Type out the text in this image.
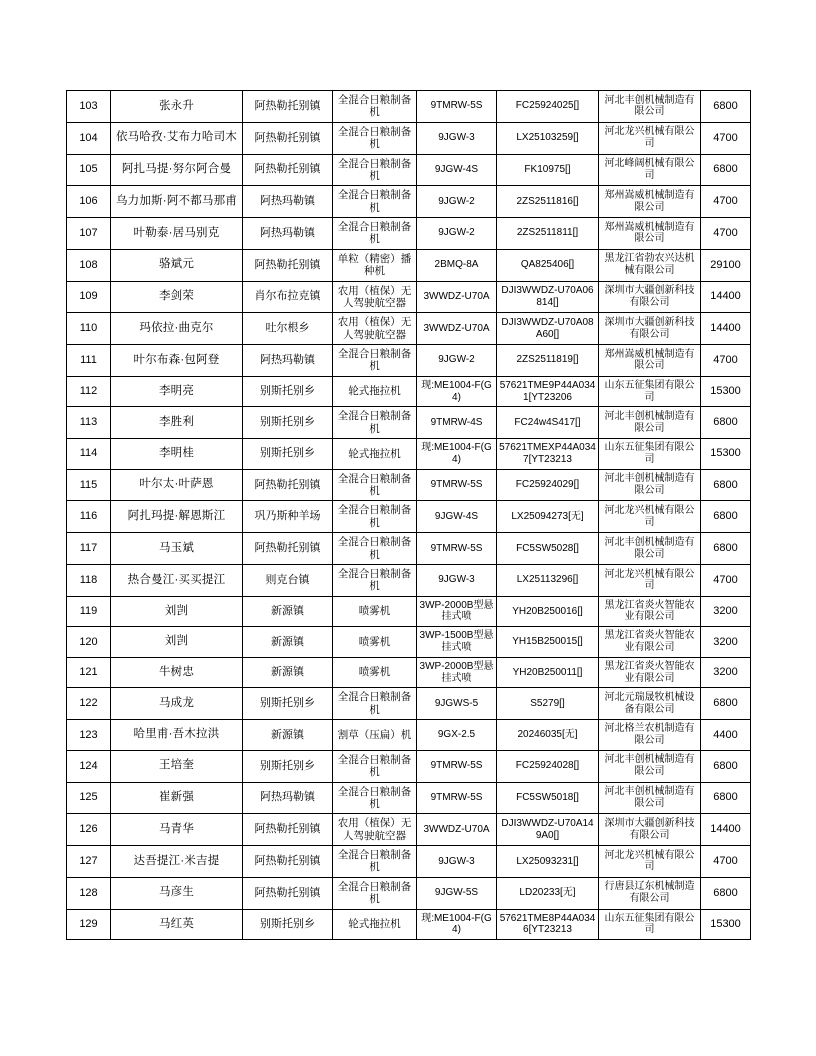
103	张永升	阿热勒托别镇	全混合日粮制备机	9TMRW-5S	FC25924025[]	河北丰创机械制造有限公司	6800
104	依马哈孜·艾布力哈司木	阿热勒托别镇	全混合日粮制备机	9JGW-3	LX25103259[]	河北龙兴机械有限公司	4700
105	阿扎马提·努尔阿合曼	阿热勒托别镇	全混合日粮制备机	9JGW-4S	FK10975[]	河北峰阔机械有限公司	6800
106	乌力加斯·阿不都马那甫	阿热玛勒镇	全混合日粮制备机	9JGW-2	2ZS2511816[]	郑州嵩威机械制造有限公司	4700
107	叶勒泰·居马别克	阿热玛勒镇	全混合日粮制备机	9JGW-2	2ZS2511811[]	郑州嵩威机械制造有限公司	4700
108	骆斌元	阿热勒托别镇	单粒（精密）播种机	2BMQ-8A	QA825406[]	黑龙江省勃农兴达机械有限公司	29100
109	李剑荣	肖尔布拉克镇	农用（植保）无人驾驶航空器	3WWDZ-U70A	DJI3WWDZ-U70A06814[]	深圳市大疆创新科技有限公司	14400
110	玛依拉·曲克尔	吐尔根乡	农用（植保）无人驾驶航空器	3WWDZ-U70A	DJI3WWDZ-U70A08A60[]	深圳市大疆创新科技有限公司	14400
111	叶尔布森·包阿登	阿热玛勒镇	全混合日粮制备机	9JGW-2	2ZS2511819[]	郑州嵩威机械制造有限公司	4700
112	李明亮	别斯托别乡	轮式拖拉机	现:ME1004-F(G4)	57621TME9P44A0341[YT23206	山东五征集团有限公司	15300
113	李胜利	别斯托别乡	全混合日粮制备机	9TMRW-4S	FC24w4S417[]	河北丰创机械制造有限公司	6800
114	李明桂	别斯托别乡	轮式拖拉机	现:ME1004-F(G4)	57621TMEXP44A0347[YT23213	山东五征集团有限公司	15300
115	叶尔太·叶萨恩	阿热勒托别镇	全混合日粮制备机	9TMRW-5S	FC25924029[]	河北丰创机械制造有限公司	6800
116	阿扎玛提·解恩斯江	巩乃斯种羊场	全混合日粮制备机	9JGW-4S	LX25094273[无]	河北龙兴机械有限公司	6800
117	马玉斌	阿热勒托别镇	全混合日粮制备机	9TMRW-5S	FC5SW5028[]	河北丰创机械制造有限公司	6800
118	热合曼江·买买提江	则克台镇	全混合日粮制备机	9JGW-3	LX25113296[]	河北龙兴机械有限公司	4700
119	刘剀	新源镇	喷雾机	3WP-2000B型悬挂式喷	YH20B250016[]	黑龙江省炎火智能农业有限公司	3200
120	刘剀	新源镇	喷雾机	3WP-1500B型悬挂式喷	YH15B250015[]	黑龙江省炎火智能农业有限公司	3200
121	牛树忠	新源镇	喷雾机	3WP-2000B型悬挂式喷	YH20B250011[]	黑龙江省炎火智能农业有限公司	3200
122	马成龙	别斯托别乡	全混合日粮制备机	9JGWS-5	S5279[]	河北元瑞晟牧机械设备有限公司	6800
123	哈里甫·吾木拉洪	新源镇	割草（压扁）机	9GX-2.5	20246035[无]	河北格兰农机制造有限公司	4400
124	王培奎	别斯托别乡	全混合日粮制备机	9TMRW-5S	FC25924028[]	河北丰创机械制造有限公司	6800
125	崔新强	阿热玛勒镇	全混合日粮制备机	9TMRW-5S	FC5SW5018[]	河北丰创机械制造有限公司	6800
126	马青华	阿热勒托别镇	农用（植保）无人驾驶航空器	3WWDZ-U70A	DJI3WWDZ-U70A149A0[]	深圳市大疆创新科技有限公司	14400
127	达吾提江·米吉提	阿热勒托别镇	全混合日粮制备机	9JGW-3	LX25093231[]	河北龙兴机械有限公司	4700
128	马彦生	阿热勒托别镇	全混合日粮制备机	9JGW-5S	LD20233[无]	行唐县辽东机械制造有限公司	6800
129	马红英	别斯托别乡	轮式拖拉机	现:ME1004-F(G4)	57621TME8P44A0346[YT23213	山东五征集团有限公司	15300
